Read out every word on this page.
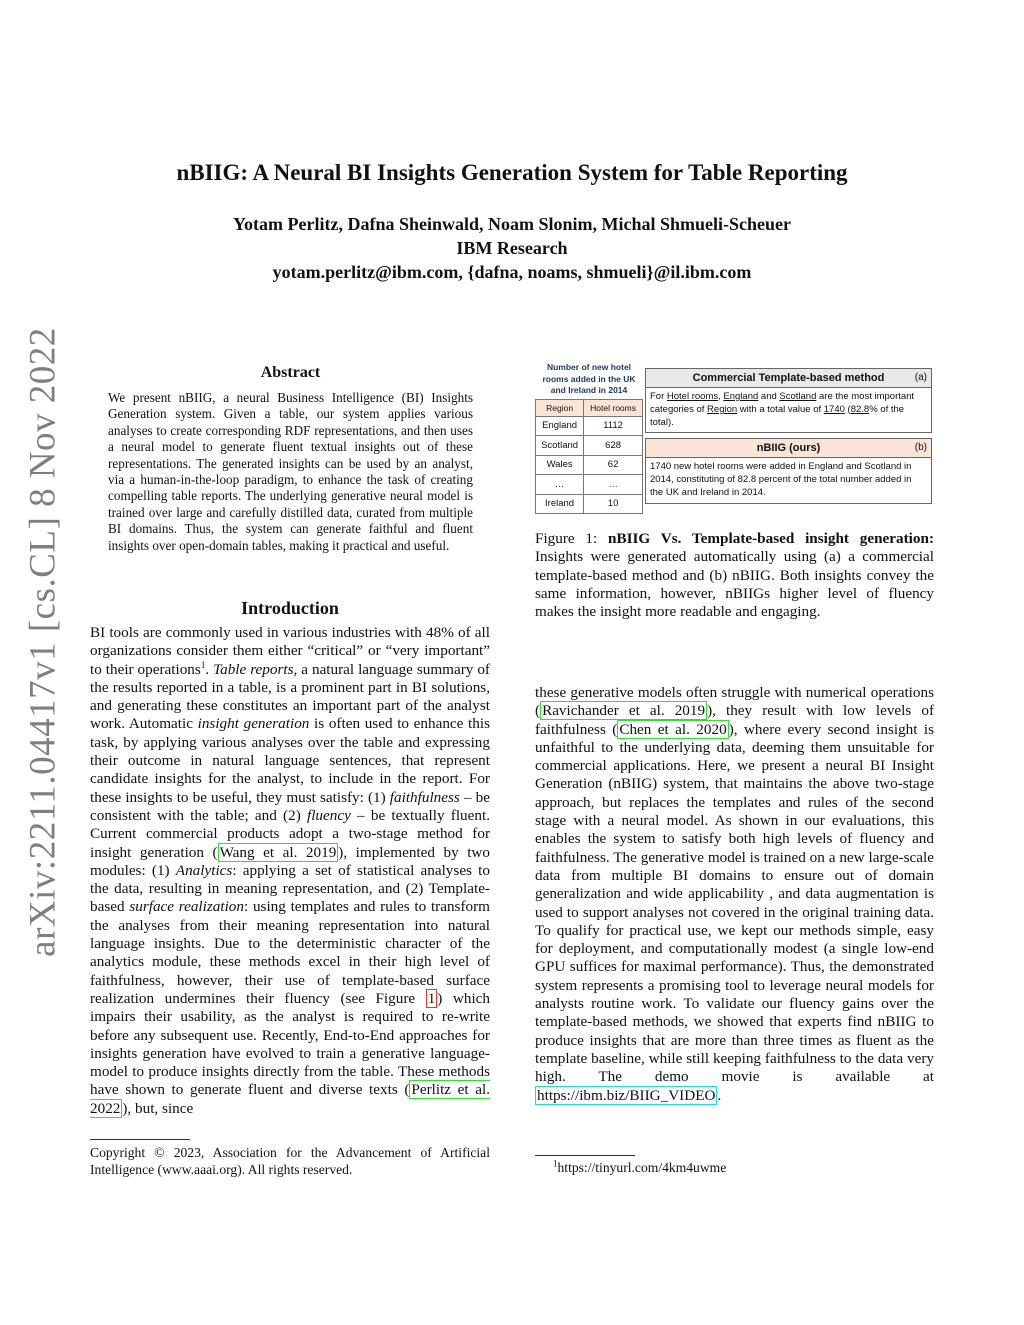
arXiv:2211.04417v1 [cs.CL] 8 Nov 2022
nBIIG: A Neural BI Insights Generation System for Table Reporting
Yotam Perlitz, Dafna Sheinwald, Noam Slonim, Michal Shmueli-Scheuer
IBM Research
yotam.perlitz@ibm.com, {dafna, noams, shmueli}@il.ibm.com
Abstract
We present nBIIG, a neural Business Intelligence (BI) Insights Generation system. Given a table, our system applies various analyses to create corresponding RDF representations, and then uses a neural model to generate fluent textual insights out of these representations. The generated insights can be used by an analyst, via a human-in-the-loop paradigm, to enhance the task of creating compelling table reports. The underlying generative neural model is trained over large and carefully distilled data, curated from multiple BI domains. Thus, the system can generate faithful and fluent insights over open-domain tables, making it practical and useful.
Introduction

BI tools are commonly used in various industries with 48% of all organizations consider them either “critical” or “very important” to their operations$^1$. Table reports, a natural language summary of the results reported in a table, is a prominent part in BI solutions, and generating these constitutes an important part of the analyst work. Automatic insight generation is often used to enhance this task, by applying various analyses over the table and expressing their outcome in natural language sentences, that represent candidate insights for the analyst, to include in the report. For these insights to be useful, they must satisfy: (1) faithfulness – be consistent with the table; and (2) fluency – be textually fluent. Current commercial products adopt a two-stage method for insight generation ( Wang et al. 2019 ), implemented by two modules: (1) Analytics: applying a set of statistical analyses to the data, resulting in meaning representation, and (2) Template-based surface realization: using templates and rules to transform the analyses from their meaning representation into natural language insights. Due to the deterministic character of the analytics module, these methods excel in their high level of faithfulness, however, their use of template-based surface realization undermines their fluency (see Figure 1 ) which impairs their usability, as the analyst is required to re-write before any subsequent use. Recently, End-to-End approaches for insights generation have evolved to train a generative language-model to produce insights directly from the table. These methods have shown to generate fluent and diverse texts ( Perlitz et al. 2022 ), but, since

Copyright © 2023, Association for the Advancement of Artificial Intelligence (www.aaai.org). All rights reserved.
Number of new hotel rooms added in the UK and Ireland in 2014
Region	Hotel rooms
England	1112
Scotland	628
Wales	62
…	…
Ireland	10
Commercial Template-based method	(a)
For Hotel rooms, England and Scotland are the most important categories of Region with a total value of 1740 (82.8% of the total).
nBIIG (ours)	(b)
1740 new hotel rooms were added in England and Scotland in 2014, constituting of 82.8 percent of the total number added in the UK and Ireland in 2014.
Figure 1: nBIIG Vs. Template-based insight generation: Insights were generated automatically using (a) a commercial template-based method and (b) nBIIG. Both insights convey the same information, however, nBIIGs higher level of fluency makes the insight more readable and engaging.

these generative models often struggle with numerical operations ( Ravichander et al. 2019 ), they result with low levels of faithfulness ( Chen et al. 2020 ), where every second insight is unfaithful to the underlying data, deeming them unsuitable for commercial applications. Here, we present a neural BI Insight Generation (nBIIG) system, that maintains the above two-stage approach, but replaces the templates and rules of the second stage with a neural model. As shown in our evaluations, this enables the system to satisfy both high levels of fluency and faithfulness. The generative model is trained on a new large-scale data from multiple BI domains to ensure out of domain generalization and wide applicability , and data augmentation is used to support analyses not covered in the original training data. To qualify for practical use, we kept our methods simple, easy for deployment, and computationally modest (a single low-end GPU suffices for maximal performance). Thus, the demonstrated system represents a promising tool to leverage neural models for analysts routine work. To validate our fluency gains over the template-based methods, we showed that experts find nBIIG to produce insights that are more than three times as fluent as the template baseline, while still keeping faithfulness to the data very high. The demo movie is available at https://ibm.biz/BIIG_VIDEO .

$^1$https://tinyurl.com/4km4uwme
